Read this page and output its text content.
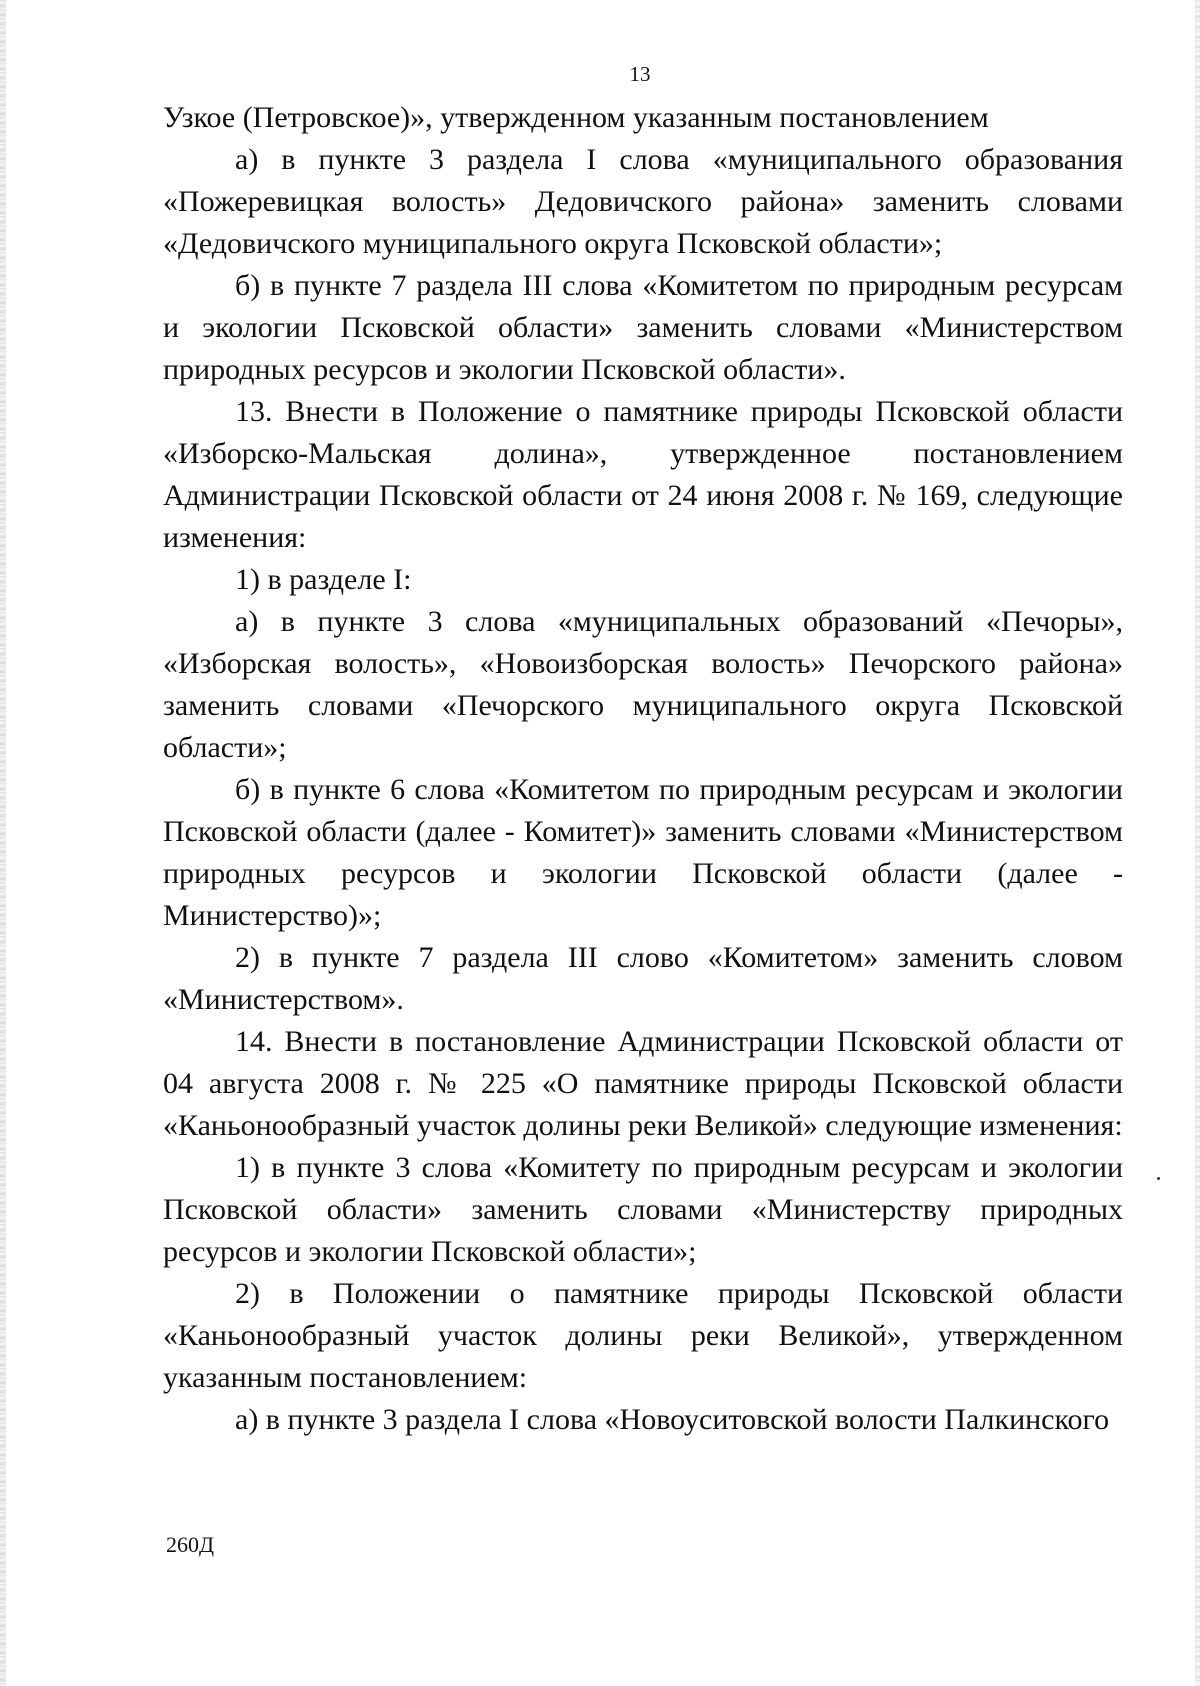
13

Узкое (Петровское)», утвержденном указанным постановлением

а) в пункте 3 раздела I слова «муниципального образования «Пожеревицкая волость» Дедовичского района» заменить словами «Дедовичского муниципального округа Псковской области»;

б) в пункте 7 раздела III слова «Комитетом по природным ресурсам и экологии Псковской области» заменить словами «Министерством природных ресурсов и экологии Псковской области».

13. Внести в Положение о памятнике природы Псковской области «Изборско-Мальская долина», утвержденное постановлением Администрации Псковской области от 24 июня 2008 г. № 169, следующие изменения:

1) в разделе I:

а) в пункте 3 слова «муниципальных образований «Печоры», «Изборская волость», «Новоизборская волость» Печорского района» заменить словами «Печорского муниципального округа Псковской области»;

б) в пункте 6 слова «Комитетом по природным ресурсам и экологии Псковской области (далее - Комитет)» заменить словами «Министерством природных ресурсов и экологии Псковской области (далее - Министерство)»;

2) в пункте 7 раздела III слово «Комитетом» заменить словом «Министерством».

14. Внести в постановление Администрации Псковской области от 04 августа 2008 г. № 225 «О памятнике природы Псковской области «Каньонообразный участок долины реки Великой» следующие изменения:

1) в пункте 3 слова «Комитету по природным ресурсам и экологии Псковской области» заменить словами «Министерству природных ресурсов и экологии Псковской области»;

2) в Положении о памятнике природы Псковской области «Каньонообразный участок долины реки Великой», утвержденном указанным постановлением:

а) в пункте 3 раздела I слова «Новоуситовской волости Палкинского

260Д
